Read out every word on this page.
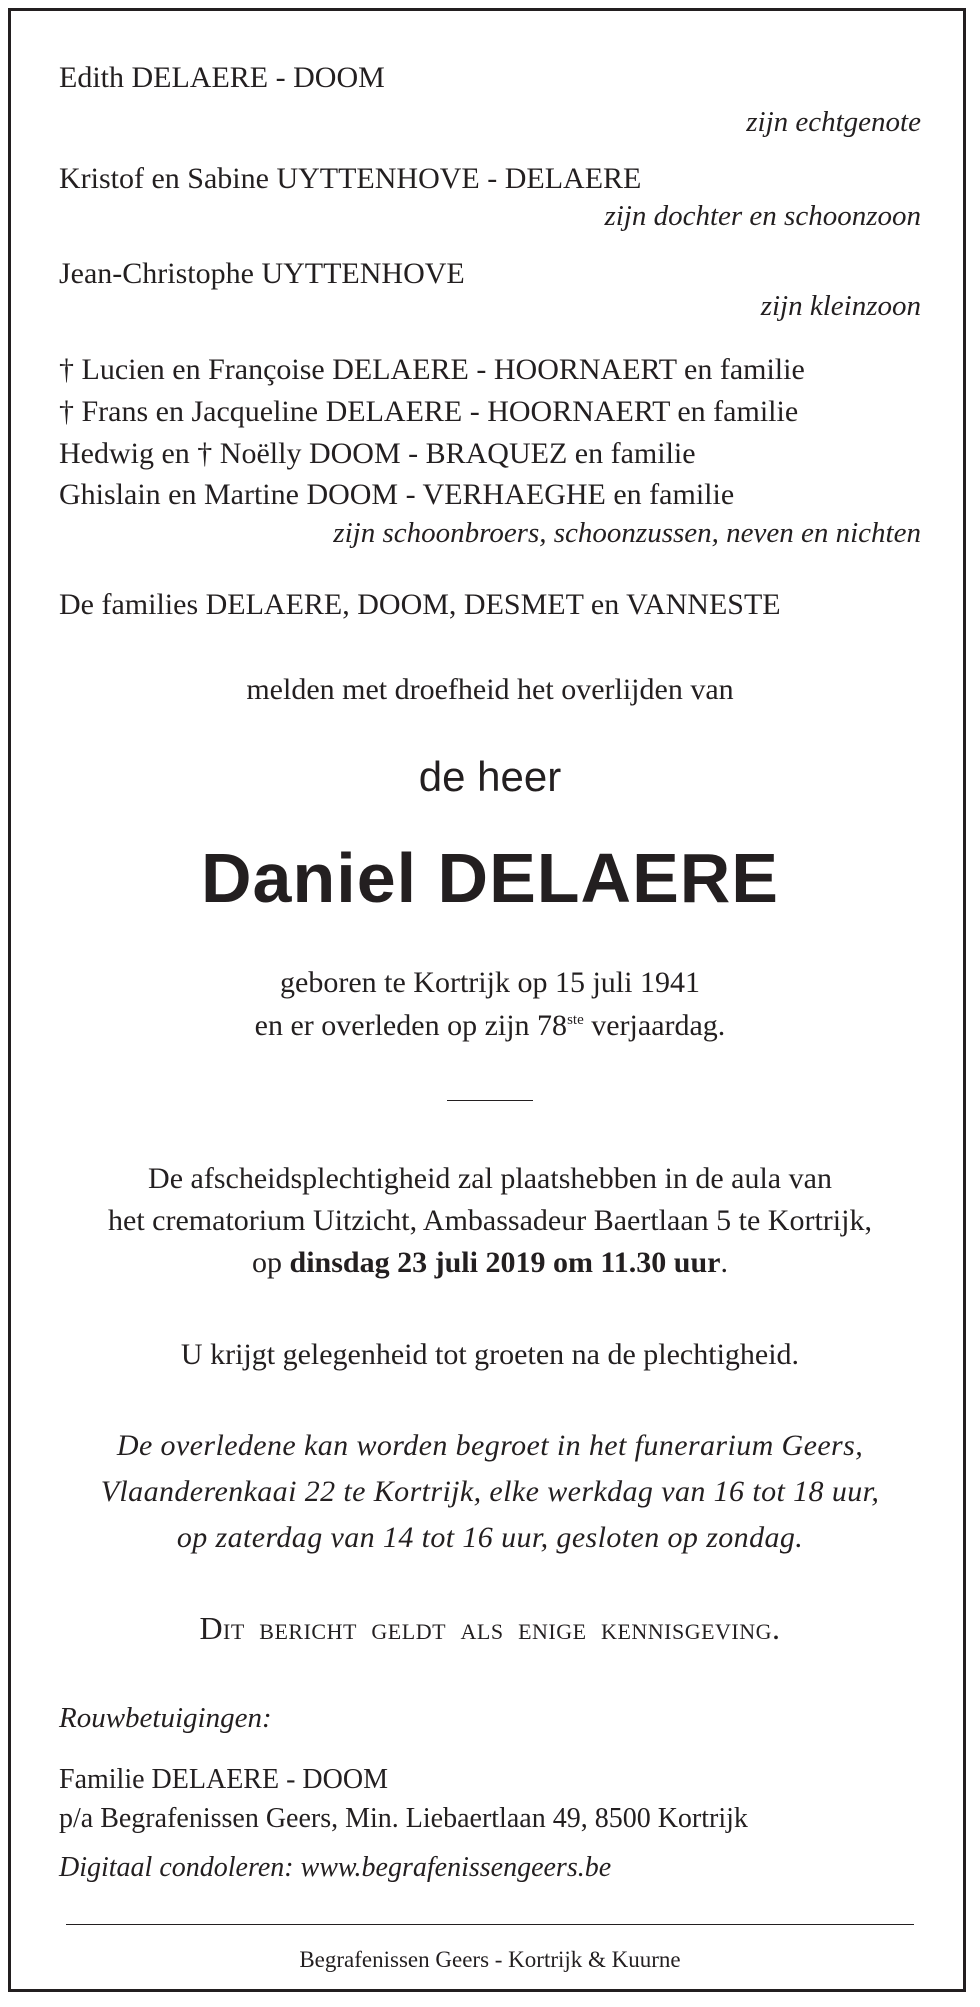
Edith DELAERE - DOOM
zijn echtgenote
Kristof en Sabine UYTTENHOVE - DELAERE
zijn dochter en schoonzoon
Jean-Christophe UYTTENHOVE
zijn kleinzoon
† Lucien en Françoise DELAERE - HOORNAERT en familie
† Frans en Jacqueline DELAERE - HOORNAERT en familie
Hedwig en † Noëlly DOOM - BRAQUEZ en familie
Ghislain en Martine DOOM - VERHAEGHE en familie
zijn schoonbroers, schoonzussen, neven en nichten
De families DELAERE, DOOM, DESMET en VANNESTE
melden met droefheid het overlijden van
de heer
Daniel DELAERE
geboren te Kortrijk op 15 juli 1941
en er overleden op zijn 78ste verjaardag.
De afscheidsplechtigheid zal plaatshebben in de aula van
het crematorium Uitzicht, Ambassadeur Baertlaan 5 te Kortrijk,
op dinsdag 23 juli 2019 om 11.30 uur.
U krijgt gelegenheid tot groeten na de plechtigheid.
De overledene kan worden begroet in het funerarium Geers,
Vlaanderenkaai 22 te Kortrijk, elke werkdag van 16 tot 18 uur,
op zaterdag van 14 tot 16 uur, gesloten op zondag.
Dit bericht geldt als enige kennisgeving.
Rouwbetuigingen:
Familie DELAERE - DOOM
p/a Begrafenissen Geers, Min. Liebaertlaan 49, 8500 Kortrijk
Digitaal condoleren: www.begrafenissengeers.be
Begrafenissen Geers - Kortrijk & Kuurne
